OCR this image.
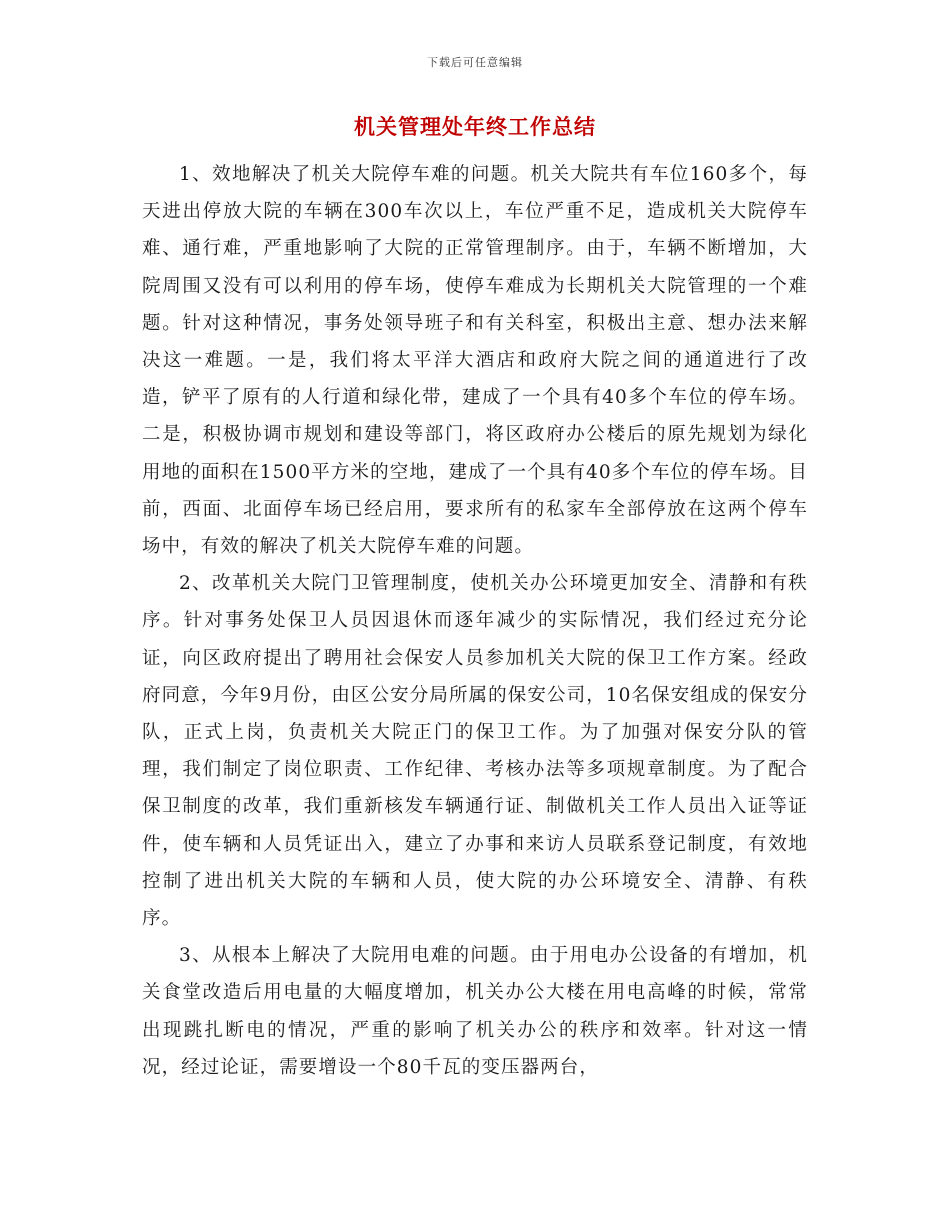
下载后可任意编辑
机关管理处年终工作总结

1、效地解决了机关大院停车难的问题。机关大院共有车位160多个，每天进出停放大院的车辆在300车次以上，车位严重不足，造成机关大院停车难、通行难，严重地影响了大院的正常管理制序。由于，车辆不断增加，大院周围又没有可以利用的停车场，使停车难成为长期机关大院管理的一个难题。针对这种情况，事务处领导班子和有关科室，积极出主意、想办法来解决这一难题。一是，我们将太平洋大酒店和政府大院之间的通道进行了改造，铲平了原有的人行道和绿化带，建成了一个具有40多个车位的停车场。二是，积极协调市规划和建设等部门，将区政府办公楼后的原先规划为绿化用地的面积在1500平方米的空地，建成了一个具有40多个车位的停车场。目前，西面、北面停车场已经启用，要求所有的私家车全部停放在这两个停车场中，有效的解决了机关大院停车难的问题。

2、改革机关大院门卫管理制度，使机关办公环境更加安全、清静和有秩序。针对事务处保卫人员因退休而逐年减少的实际情况，我们经过充分论证，向区政府提出了聘用社会保安人员参加机关大院的保卫工作方案。经政府同意，今年9月份，由区公安分局所属的保安公司，10名保安组成的保安分队，正式上岗，负责机关大院正门的保卫工作。为了加强对保安分队的管理，我们制定了岗位职责、工作纪律、考核办法等多项规章制度。为了配合保卫制度的改革，我们重新核发车辆通行证、制做机关工作人员出入证等证件，使车辆和人员凭证出入，建立了办事和来访人员联系登记制度，有效地控制了进出机关大院的车辆和人员，使大院的办公环境安全、清静、有秩序。

3、从根本上解决了大院用电难的问题。由于用电办公设备的有增加，机关食堂改造后用电量的大幅度增加，机关办公大楼在用电高峰的时候，常常出现跳扎断电的情况，严重的影响了机关办公的秩序和效率。针对这一情况，经过论证，需要增设一个80千瓦的变压器两台，
